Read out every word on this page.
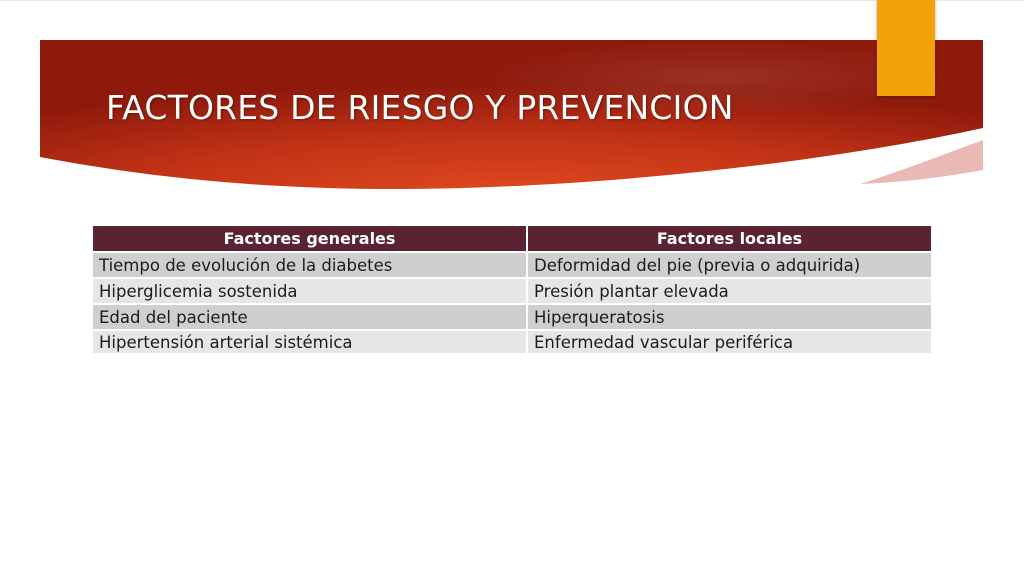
FACTORES DE RIESGO Y PREVENCION
Factores generales	Factores locales
Tiempo de evolución de la diabetes	Deformidad del pie (previa o adquirida)
Hiperglicemia sostenida	Presión plantar elevada
Edad del paciente	Hiperqueratosis
Hipertensión arterial sistémica	Enfermedad vascular periférica
